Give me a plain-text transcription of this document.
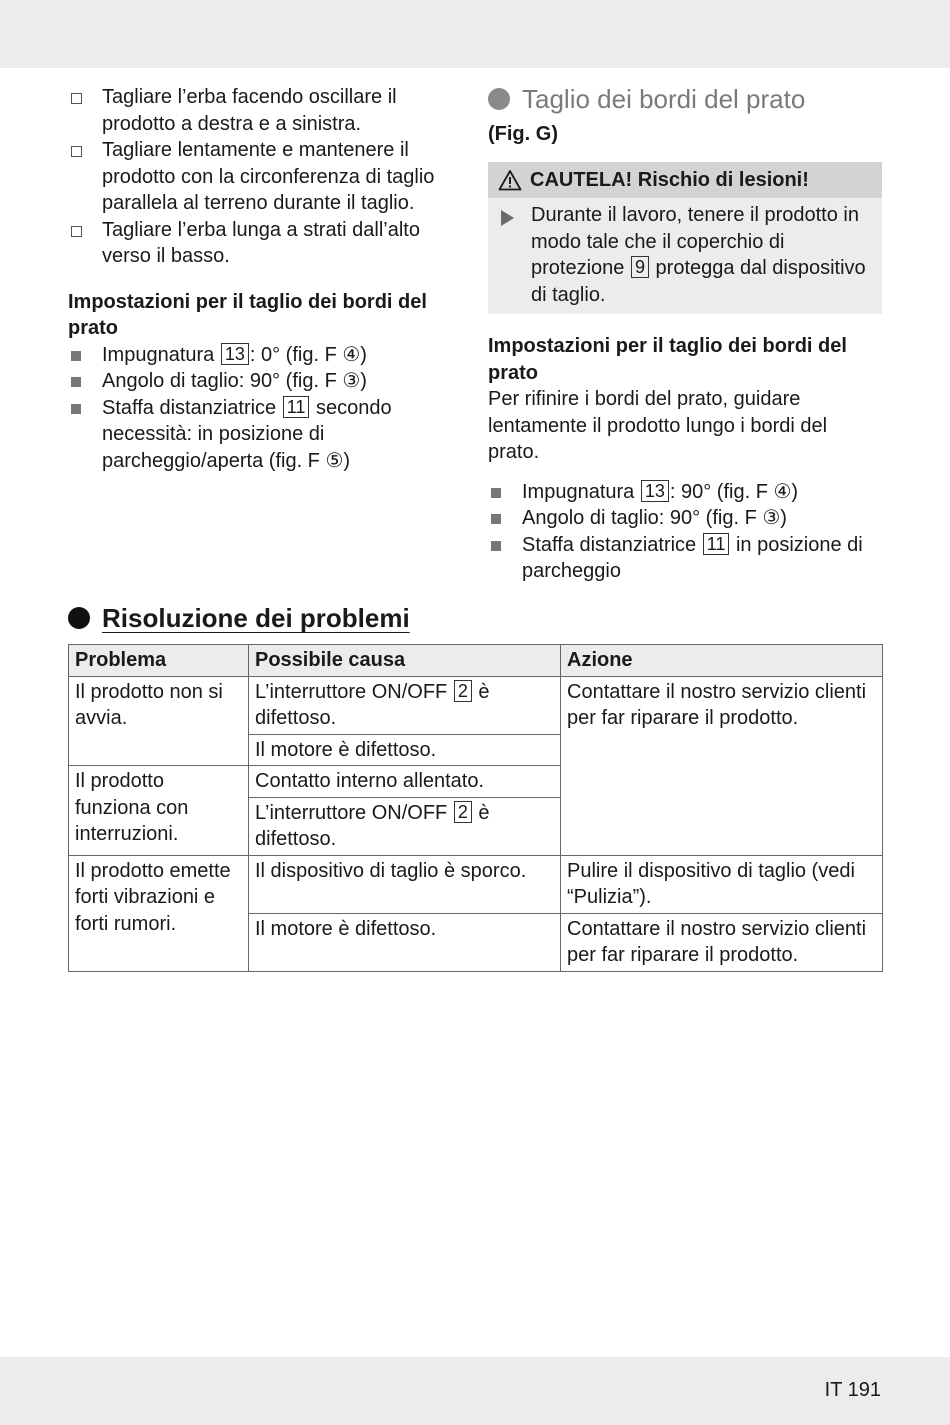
Tagliare l’erba facendo oscillare il prodotto a destra e a sinistra.
Tagliare lentamente e mantenere il prodotto con la circonferenza di taglio parallela al terreno durante il taglio.
Tagliare l’erba lunga a strati dall’alto verso il basso.

Impostazioni per il taglio dei bordi del prato

Impugnatura 13 : 0° (fig. F ④)
Angolo di taglio: 90° (fig. F ③)
Staffa distanziatrice 11 secondo necessità: in posizione di parcheggio/aperta (fig. F ⑤)
Taglio dei bordi del prato

(Fig. G)

CAUTELA! Rischio di lesioni!
Durante il lavoro, tenere il prodotto in modo tale che il coperchio di protezione 9 protegga dal dispositivo di taglio.

Impostazioni per il taglio dei bordi del prato

Per rifinire i bordi del prato, guidare lentamente il prodotto lungo i bordi del prato.

Impugnatura 13 : 90° (fig. F ④)
Angolo di taglio: 90° (fig. F ③)
Staffa distanziatrice 11 in posizione di parcheggio
Risoluzione dei problemi
Problema	Possibile causa	Azione
Il prodotto non si avvia.	L’interruttore ON/OFF 2 è difettoso.	Contattare il nostro servizio clienti per far riparare il prodotto.
	Il motore è difettoso.	
Il prodotto funziona con interruzioni.	Contatto interno allentato.	
	L’interruttore ON/OFF 2 è difettoso.	
Il prodotto emette forti vibrazioni e forti rumori.	Il dispositivo di taglio è sporco.	Pulire il dispositivo di taglio (vedi “Pulizia”).
	Il motore è difettoso.	Contattare il nostro servizio clienti per far riparare il prodotto.
IT 191
